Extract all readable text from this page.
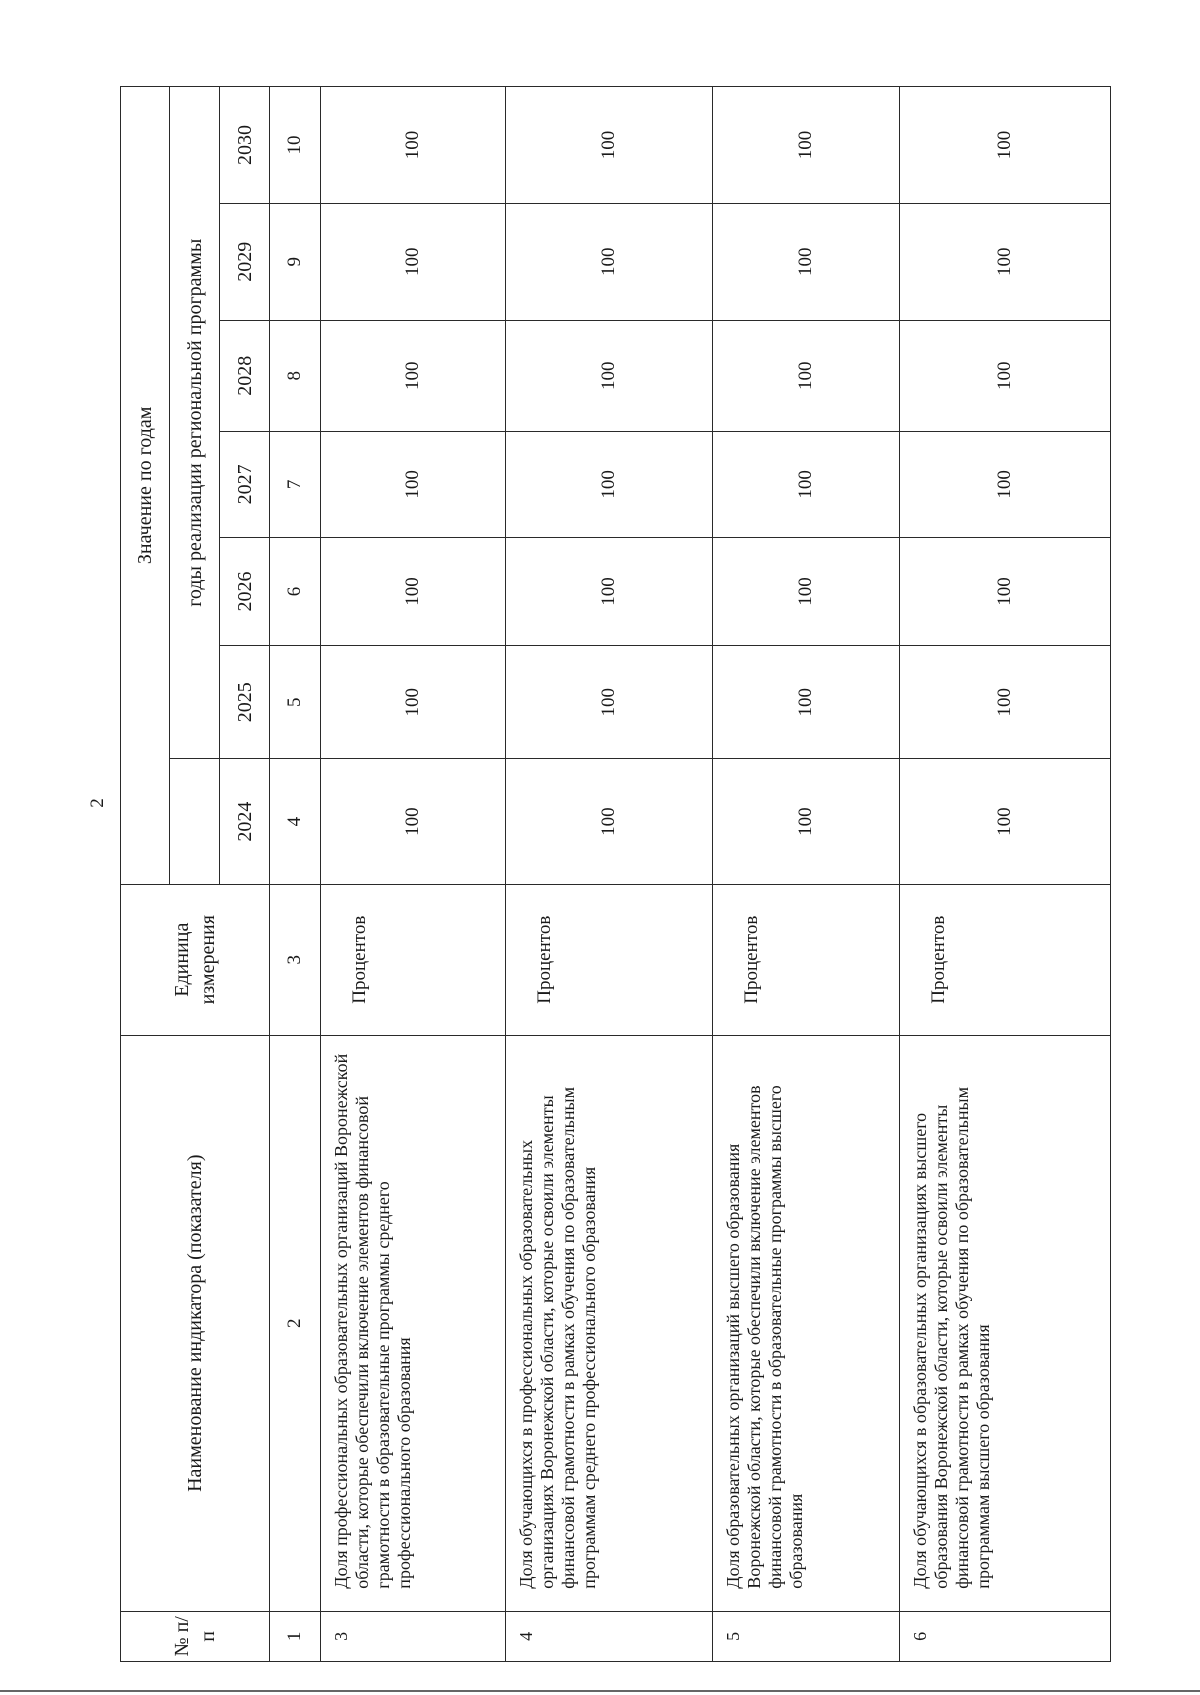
2
№ п/п	Наименование индикатора (показателя)	Единица измерения	Значение по годам						
				годы реализации региональной программы					
			2024	2025	2026	2027	2028	2029	2030
1	2	3	4	5	6	7	8	9	10
3	Доля профессиональных образовательных организаций Воронежской области, которые обеспечили включение элементов финансовой грамотности в образовательные программы среднего профессионального образования	Процентов	100	100	100	100	100	100	100
4	Доля обучающихся в профессиональных образовательных организациях Воронежской области, которые освоили элементы финансовой грамотности в рамках обучения по образовательным программам среднего профессионального образования	Процентов	100	100	100	100	100	100	100
5	Доля образовательных организаций высшего образования Воронежской области, которые обеспечили включение элементов финансовой грамотности в образовательные программы высшего образования	Процентов	100	100	100	100	100	100	100
6	Доля обучающихся в образовательных организациях высшего образования Воронежской области, которые освоили элементы финансовой грамотности в рамках обучения по образовательным программам высшего образования	Процентов	100	100	100	100	100	100	100
